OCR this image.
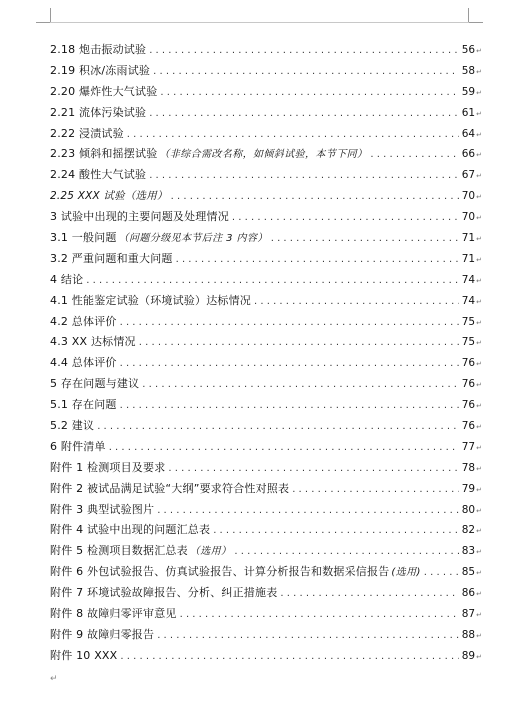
2.18 炮击振动试验 . . .	56 ↵
2.19 积冰/冻雨试验 . . .	58 ↵
2.20 爆炸性大气试验 . . .	59 ↵
2.21 流体污染试验 . . .	61 ↵
2.22 浸渍试验 . . .	64 ↵
2.23 倾斜和摇摆试验 （非综合需改名称，如倾斜试验，本节下同） . . .	66 ↵
2.24 酸性大气试验 . . .	67 ↵
2.25 XXX 试验（选用） . . .	70 ↵
3 试验中出现的主要问题及处理情况 . . .	70 ↵
3.1 一般问题 （问题分级见本节后注 3 内容） . . .	71 ↵
3.2 严重问题和重大问题 . . .	71 ↵
4 结论 . . .	74 ↵
4.1 性能鉴定试验（环境试验）达标情况 . . .	74 ↵
4.2 总体评价 . . .	75 ↵
4.3 XX 达标情况 . . .	75 ↵
4.4 总体评价 . . .	76 ↵
5 存在问题与建议 . . .	76 ↵
5.1 存在问题 . . .	76 ↵
5.2 建议 . . .	76 ↵
6 附件清单 . . .	77 ↵
附件 1 检测项目及要求 . . .	78 ↵
附件 2 被试品满足试验“大纲”要求符合性对照表 . . .	79 ↵
附件 3 典型试验图片 . . .	80 ↵
附件 4 试验中出现的问题汇总表 . . .	82 ↵
附件 5 检测项目数据汇总表 （选用） . . .	83 ↵
附件 6 外包试验报告、仿真试验报告、计算分析报告和数据采信报告 (选用) . . .	85 ↵
附件 7 环境试验故障报告、分析、纠正措施表 . . .	86 ↵
附件 8 故障归零评审意见 . . .	87 ↵
附件 9 故障归零报告 . . .	88 ↵
附件 10 XXX . . .	89 ↵
↵
